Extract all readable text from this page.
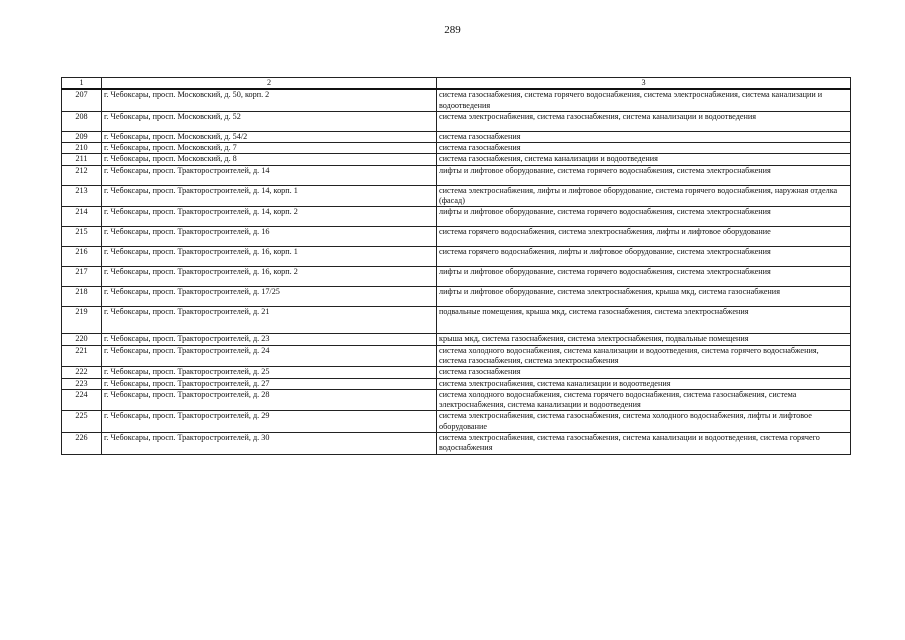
289
1	2	3
207	г. Чебоксары, просп. Московский, д. 50, корп. 2	система газоснабжения, система горячего водоснабжения, система электроснабжения, система канализации и водоотведения
208	г. Чебоксары, просп. Московский, д. 52	система электроснабжения, система газоснабжения, система канализации и водоотведения
209	г. Чебоксары, просп. Московский, д. 54/2	система газоснабжения
210	г. Чебоксары, просп. Московский, д. 7	система газоснабжения
211	г. Чебоксары, просп. Московский, д. 8	система газоснабжения, система канализации и водоотведения
212	г. Чебоксары, просп. Тракторостроителей, д. 14	лифты и лифтовое оборудование, система горячего водоснабжения, система электроснабжения
213	г. Чебоксары, просп. Тракторостроителей, д. 14, корп. 1	система электроснабжения, лифты и лифтовое оборудование, система горячего водоснабжения, наружная отделка (фасад)
214	г. Чебоксары, просп. Тракторостроителей, д. 14, корп. 2	лифты и лифтовое оборудование, система горячего водоснабжения, система электроснабжения
215	г. Чебоксары, просп. Тракторостроителей, д. 16	система горячего водоснабжения, система электроснабжения, лифты и лифтовое оборудование
216	г. Чебоксары, просп. Тракторостроителей, д. 16, корп. 1	система горячего водоснабжения, лифты и лифтовое оборудование, система электроснабжения
217	г. Чебоксары, просп. Тракторостроителей, д. 16, корп. 2	лифты и лифтовое оборудование, система горячего водоснабжения, система электроснабжения
218	г. Чебоксары, просп. Тракторостроителей, д. 17/25	лифты и лифтовое оборудование, система электроснабжения, крыша мкд, система газоснабжения
219	г. Чебоксары, просп. Тракторостроителей, д. 21	подвальные помещения, крыша мкд, система газоснабжения, система электроснабжения
220	г. Чебоксары, просп. Тракторостроителей, д. 23	крыша мкд, система газоснабжения, система электроснабжения, подвальные помещения
221	г. Чебоксары, просп. Тракторостроителей, д. 24	система холодного водоснабжения, система канализации и водоотведения, система горячего водоснабжения, система газоснабжения, система электроснабжения
222	г. Чебоксары, просп. Тракторостроителей, д. 25	система газоснабжения
223	г. Чебоксары, просп. Тракторостроителей, д. 27	система электроснабжения, система канализации и водоотведения
224	г. Чебоксары, просп. Тракторостроителей, д. 28	система холодного водоснабжения, система горячего водоснабжения, система газоснабжения, система электроснабжения, система канализации и водоотведения
225	г. Чебоксары, просп. Тракторостроителей, д. 29	система электроснабжения, система газоснабжения, система холодного водоснабжения, лифты и лифтовое оборудование
226	г. Чебоксары, просп. Тракторостроителей, д. 30	система электроснабжения, система газоснабжения, система канализации и водоотведения, система горячего водоснабжения
